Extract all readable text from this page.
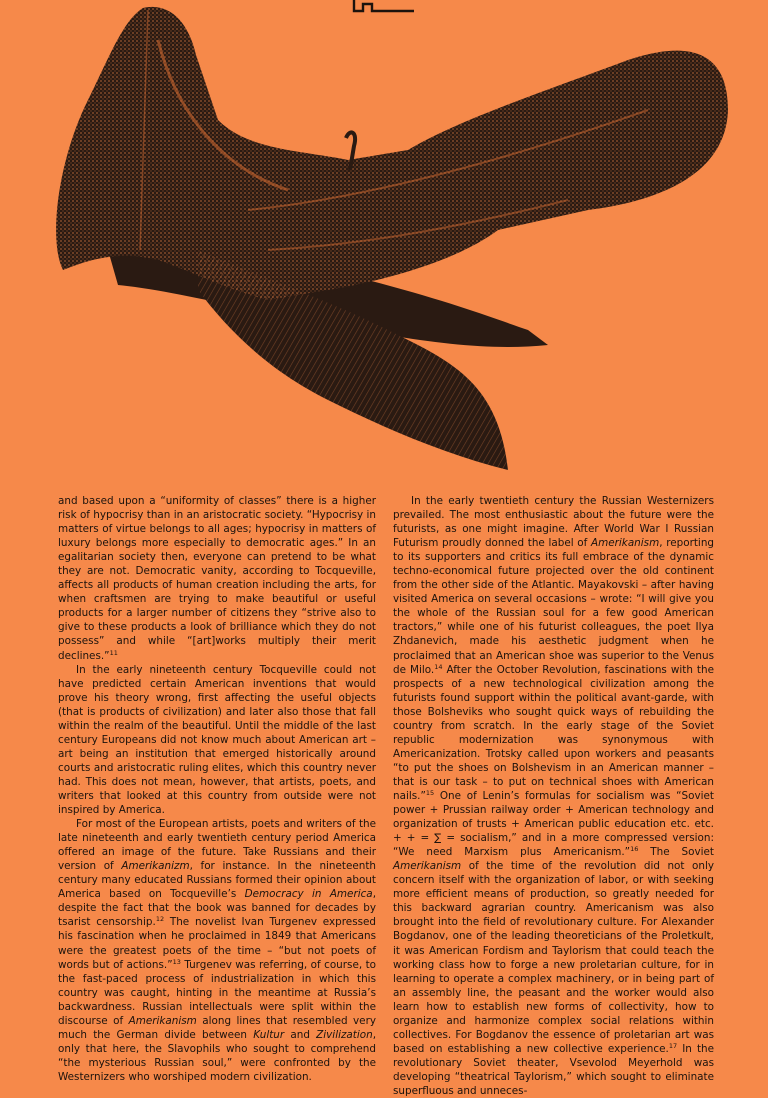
and based upon a “uniformity of classes” there is a higher risk of hypocrisy than in an aristocratic society. “Hypocrisy in matters of virtue belongs to all ages; hypocrisy in matters of luxury belongs more especially to democratic ages.” In an egalitarian society then, everyone can pretend to be what they are not. Democratic vanity, according to Tocqueville, affects all products of human creation including the arts, for when craftsmen are trying to make beautiful or useful products for a larger number of citizens they “strive also to give to these products a look of brilliance which they do not possess” and while “[art]works multiply their merit declines.”$^{11}$

In the early nineteenth century Tocqueville could not have predicted certain American inventions that would prove his theory wrong, first affecting the useful objects (that is products of civilization) and later also those that fall within the realm of the beautiful. Until the middle of the last century Europeans did not know much about American art – art being an institution that emerged historically around courts and aristocratic ruling elites, which this country never had. This does not mean, however, that artists, poets, and writers that looked at this country from outside were not inspired by America.

For most of the European artists, poets and writers of the late nineteenth and early twentieth century period America offered an image of the future. Take Russians and their version of Amerikanizm, for instance. In the nineteenth century many educated Russians formed their opinion about America based on Tocqueville’s Democracy in America, despite the fact that the book was banned for decades by tsarist censorship.$^{12}$ The novelist Ivan Turgenev expressed his fascination when he proclaimed in 1849 that Americans were the greatest poets of the time – “but not poets of words but of actions.”$^{13}$ Turgenev was referring, of course, to the fast-paced process of industrialization in which this country was caught, hinting in the meantime at Russia’s backwardness. Russian intellectuals were split within the discourse of Amerikanism along lines that resembled very much the German divide between Kultur and Zivilization, only that here, the Slavophils who sought to comprehend “the mysterious Russian soul,” were confronted by the Westernizers who worshiped modern civilization.

In the early twentieth century the Russian Westernizers prevailed. The most enthusiastic about the future were the futurists, as one might imagine. After World War I Russian Futurism proudly donned the label of Amerikanism, reporting to its supporters and critics its full embrace of the dynamic techno-economical future projected over the old continent from the other side of the Atlantic. Mayakovski – after having visited America on several occasions – wrote: “I will give you the whole of the Russian soul for a few good American tractors,” while one of his futurist colleagues, the poet Ilya Zhdanevich, made his aesthetic judgment when he proclaimed that an American shoe was superior to the Venus de Milo.$^{14}$ After the October Revolution, fascinations with the prospects of a new technological civilization among the futurists found support within the political avant-garde, with those Bolsheviks who sought quick ways of rebuilding the country from scratch. In the early stage of the Soviet republic modernization was synonymous with Americanization. Trotsky called upon workers and peasants “to put the shoes on Bolshevism in an American manner – that is our task – to put on technical shoes with American nails.”$^{15}$ One of Lenin’s formulas for socialism was “Soviet power + Prussian railway order + American technology and organization of trusts + American public education etc. etc. + + = ∑ = socialism,” and in a more compressed version: “We need Marxism plus Americanism.”$^{16}$ The Soviet Amerikanism of the time of the revolution did not only concern itself with the organization of labor, or with seeking more efficient means of production, so greatly needed for this backward agrarian country. Americanism was also brought into the field of revolutionary culture. For Alexander Bogdanov, one of the leading theoreticians of the Proletkult, it was American Fordism and Taylorism that could teach the working class how to forge a new proletarian culture, for in learning to operate a complex machinery, or in being part of an assembly line, the peasant and the worker would also learn how to establish new forms of collectivity, how to organize and harmonize complex social relations within collectives. For Bogdanov the essence of proletarian art was based on establishing a new collective experience.$^{17}$ In the revolutionary Soviet theater, Vsevolod Meyerhold was developing “theatrical Taylorism,” which sought to eliminate superfluous and unneces-
